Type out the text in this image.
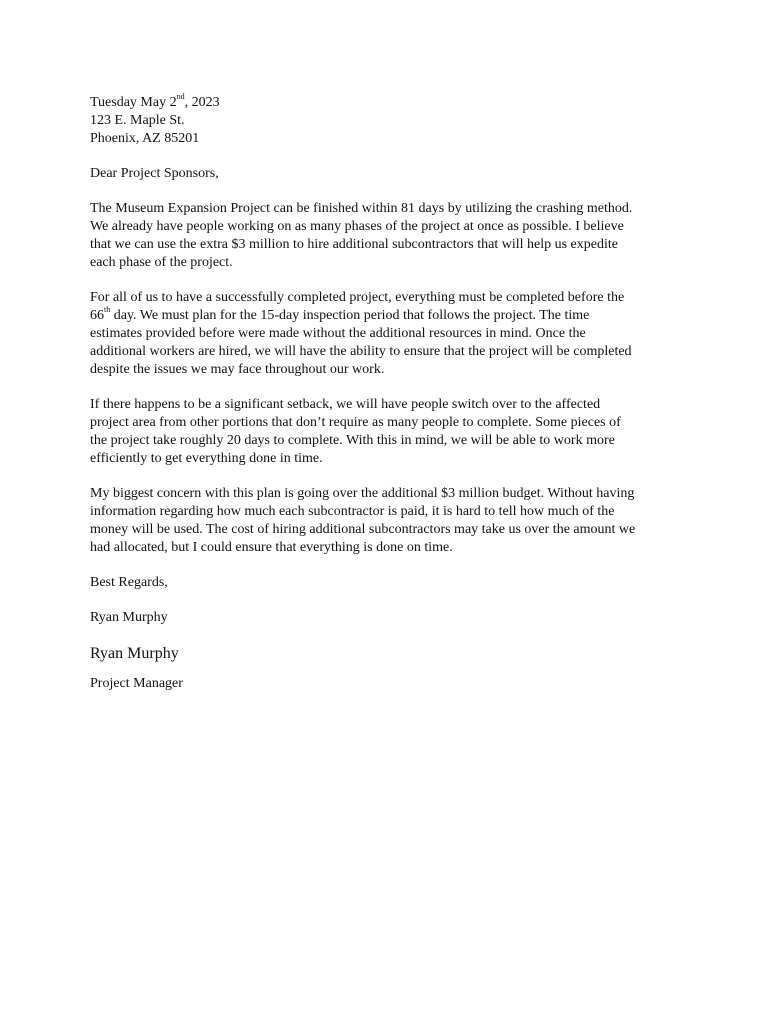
Tuesday May 2nd, 2023
123 E. Maple St.
Phoenix, AZ 85201
Dear Project Sponsors,
The Museum Expansion Project can be finished within 81 days by utilizing the crashing method.
We already have people working on as many phases of the project at once as possible. I believe
that we can use the extra $3 million to hire additional subcontractors that will help us expedite
each phase of the project.
For all of us to have a successfully completed project, everything must be completed before the
66th day. We must plan for the 15-day inspection period that follows the project. The time
estimates provided before were made without the additional resources in mind. Once the
additional workers are hired, we will have the ability to ensure that the project will be completed
despite the issues we may face throughout our work.
If there happens to be a significant setback, we will have people switch over to the affected
project area from other portions that don’t require as many people to complete. Some pieces of
the project take roughly 20 days to complete. With this in mind, we will be able to work more
efficiently to get everything done in time.
My biggest concern with this plan is going over the additional $3 million budget. Without having
information regarding how much each subcontractor is paid, it is hard to tell how much of the
money will be used. The cost of hiring additional subcontractors may take us over the amount we
had allocated, but I could ensure that everything is done on time.
Best Regards,
Ryan Murphy
Ryan Murphy
Project Manager
